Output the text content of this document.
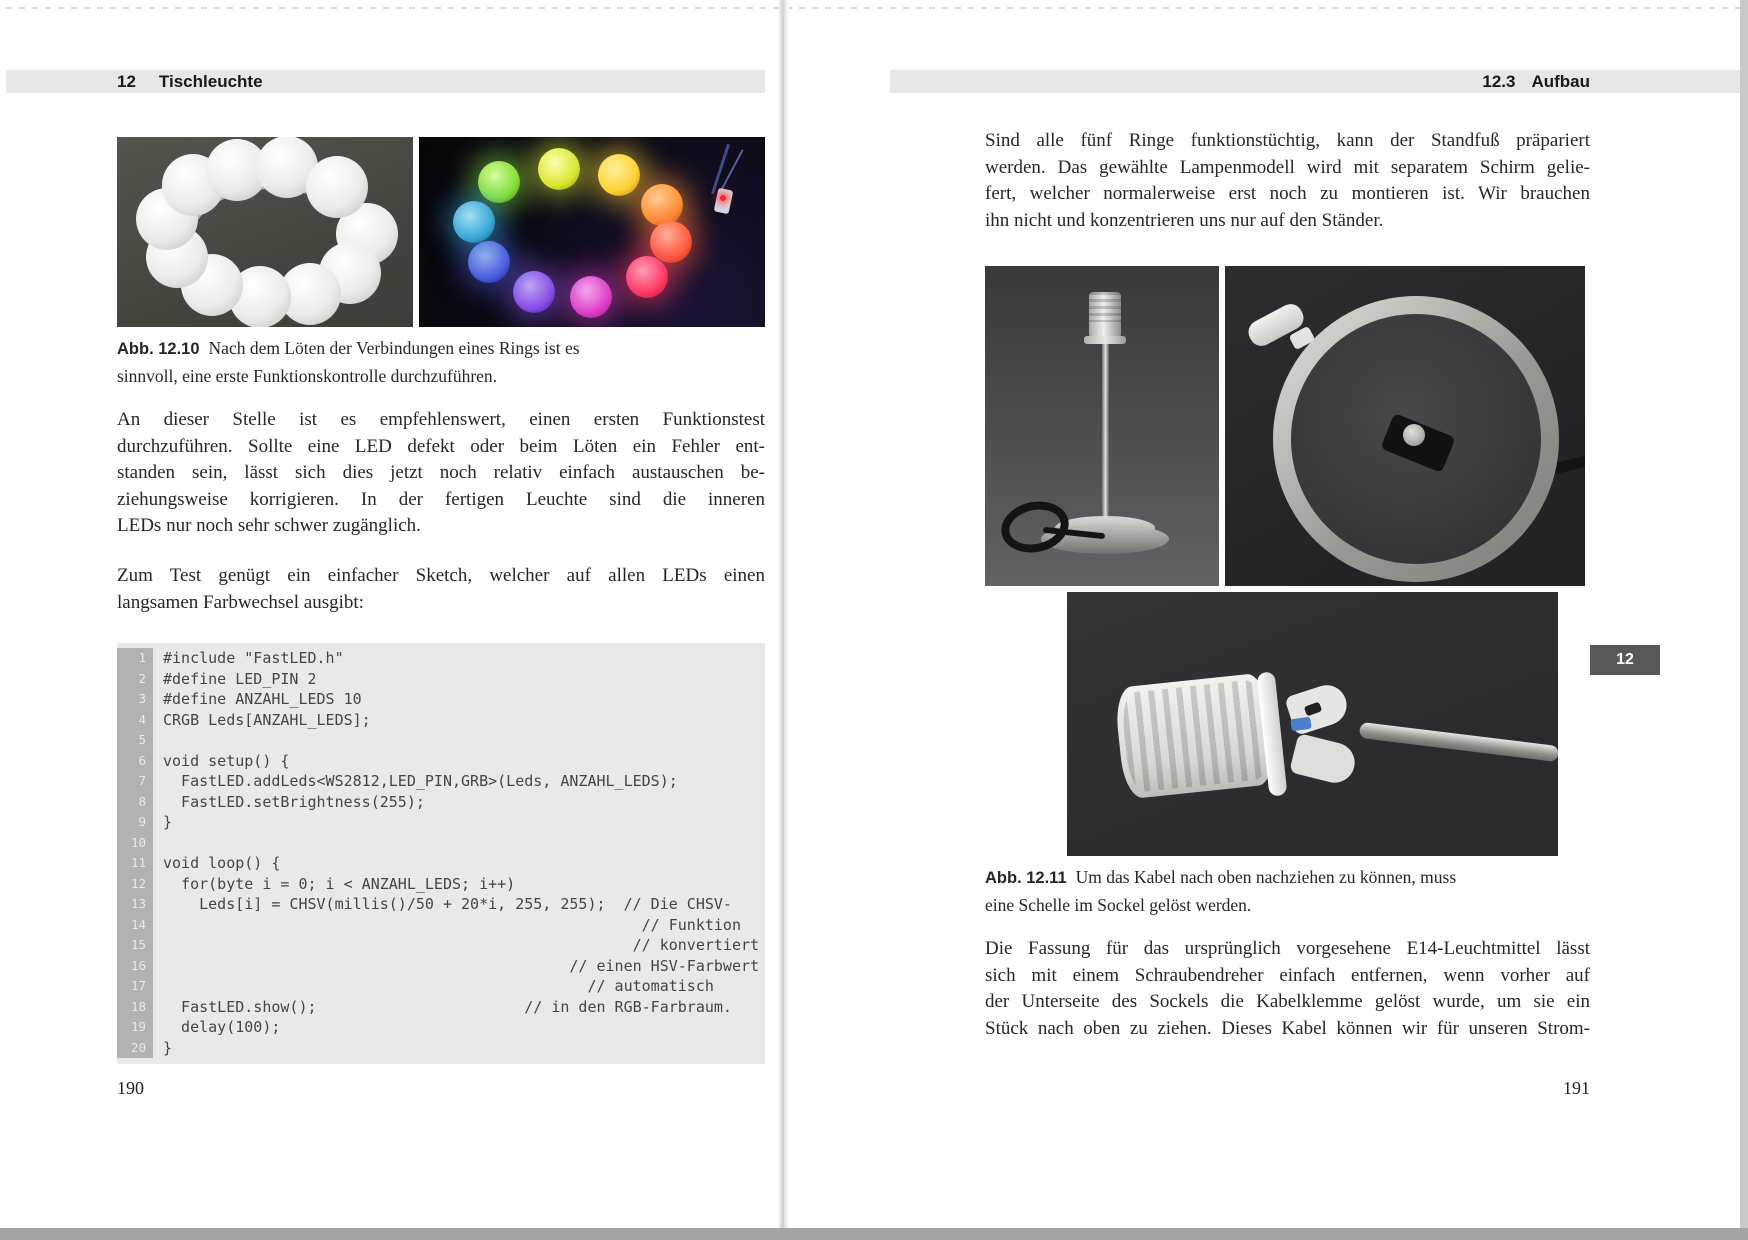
12 Tischleuchte
Abb. 12.10 Nach dem Löten der Verbindungen eines Rings ist es
sinnvoll, eine erste Funktionskontrolle durchzuführen.
An dieser Stelle ist es empfehlenswert, einen ersten Funktionstest
durchzuführen. Sollte eine LED defekt oder beim Löten ein Fehler ent-
standen sein, lässt sich dies jetzt noch relativ einfach austauschen be-
ziehungsweise korrigieren. In der fertigen Leuchte sind die inneren
LEDs nur noch sehr schwer zugänglich.
Zum Test genügt ein einfacher Sketch, welcher auf allen LEDs einen
langsamen Farbwechsel ausgibt:
1	#include "FastLED.h"
2	#define LED_PIN 2
3	#define ANZAHL_LEDS 10
4	CRGB Leds[ANZAHL_LEDS];
5
6	void setup() {
7	FastLED.addLeds<WS2812,LED_PIN,GRB>(Leds, ANZAHL_LEDS);
8	FastLED.setBrightness(255);
9	}
10
11	void loop() {
12	for(byte i = 0; i < ANZAHL_LEDS; i++)
13	Leds[i] = CHSV(millis()/50 + 20*i, 255, 255);  // Die CHSV-
14	// Funktion
15	// konvertiert
16	// einen HSV-Farbwert
17	// automatisch
18	FastLED.show();                       // in den RGB-Farbraum.
19	delay(100);
20	}
190
12.3 Aufbau
Sind alle fünf Ringe funktionstüchtig, kann der Standfuß präpariert
werden. Das gewählte Lampenmodell wird mit separatem Schirm gelie-
fert, welcher normalerweise erst noch zu montieren ist. Wir brauchen
ihn nicht und konzentrieren uns nur auf den Ständer.
12
Abb. 12.11 Um das Kabel nach oben nachziehen zu können, muss
eine Schelle im Sockel gelöst werden.
Die Fassung für das ursprünglich vorgesehene E14-Leuchtmittel lässt
sich mit einem Schraubendreher einfach entfernen, wenn vorher auf
der Unterseite des Sockels die Kabelklemme gelöst wurde, um sie ein
Stück nach oben zu ziehen. Dieses Kabel können wir für unseren Strom-
191
